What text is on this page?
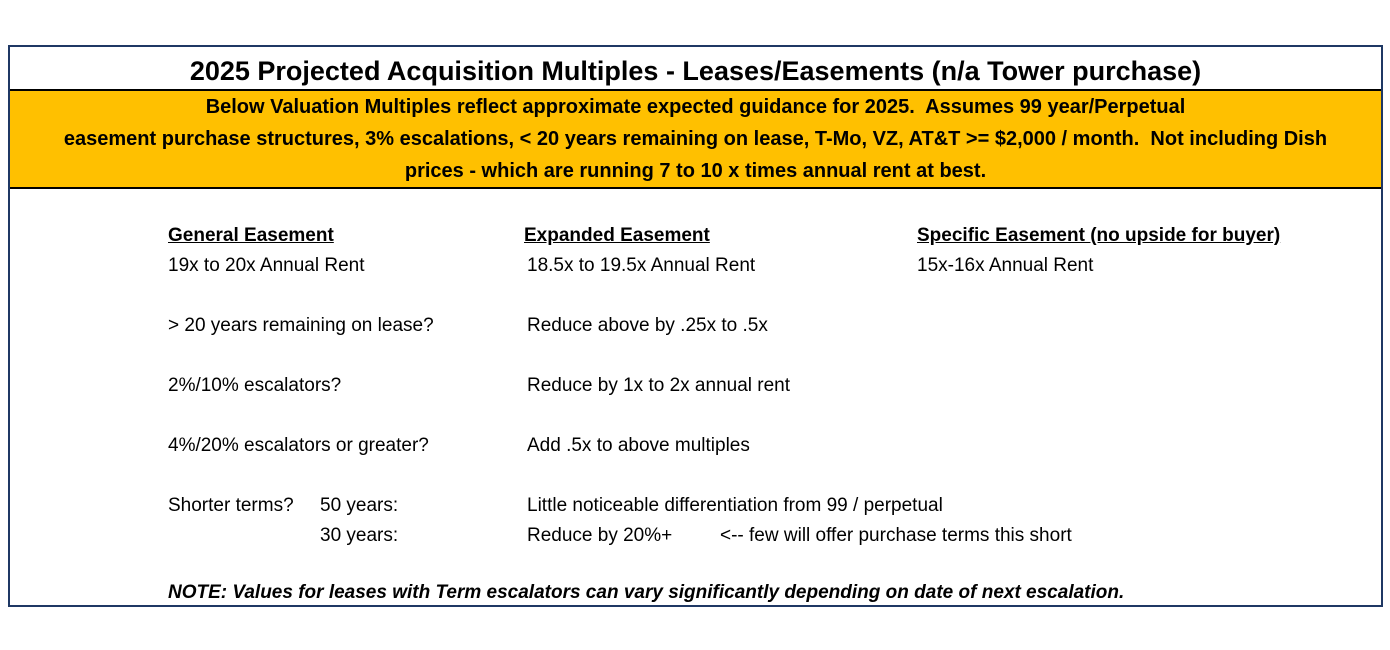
2025 Projected Acquisition Multiples - Leases/Easements (n/a Tower purchase)
Below Valuation Multiples reflect approximate expected guidance for 2025.  Assumes 99 year/Perpetual
easement purchase structures, 3% escalations, < 20 years remaining on lease, T-Mo, VZ, AT&T >= $2,000 / month.  Not including Dish
prices - which are running 7 to 10 x times annual rent at best.
General Easement	Expanded Easement	Specific Easement (no upside for buyer)
19x to 20x Annual Rent	18.5x to 19.5x Annual Rent	15x-16x Annual Rent
> 20 years remaining on lease?	Reduce above by .25x to .5x
2%/10% escalators?	Reduce by 1x to 2x annual rent
4%/20% escalators or greater?	Add .5x to above multiples
Shorter terms? 50 years:	Little noticeable differentiation from 99 / perpetual
30 years:	Reduce by 20%+	<-- few will offer purchase terms this short
NOTE: Values for leases with Term escalators can vary significantly depending on date of next escalation.
